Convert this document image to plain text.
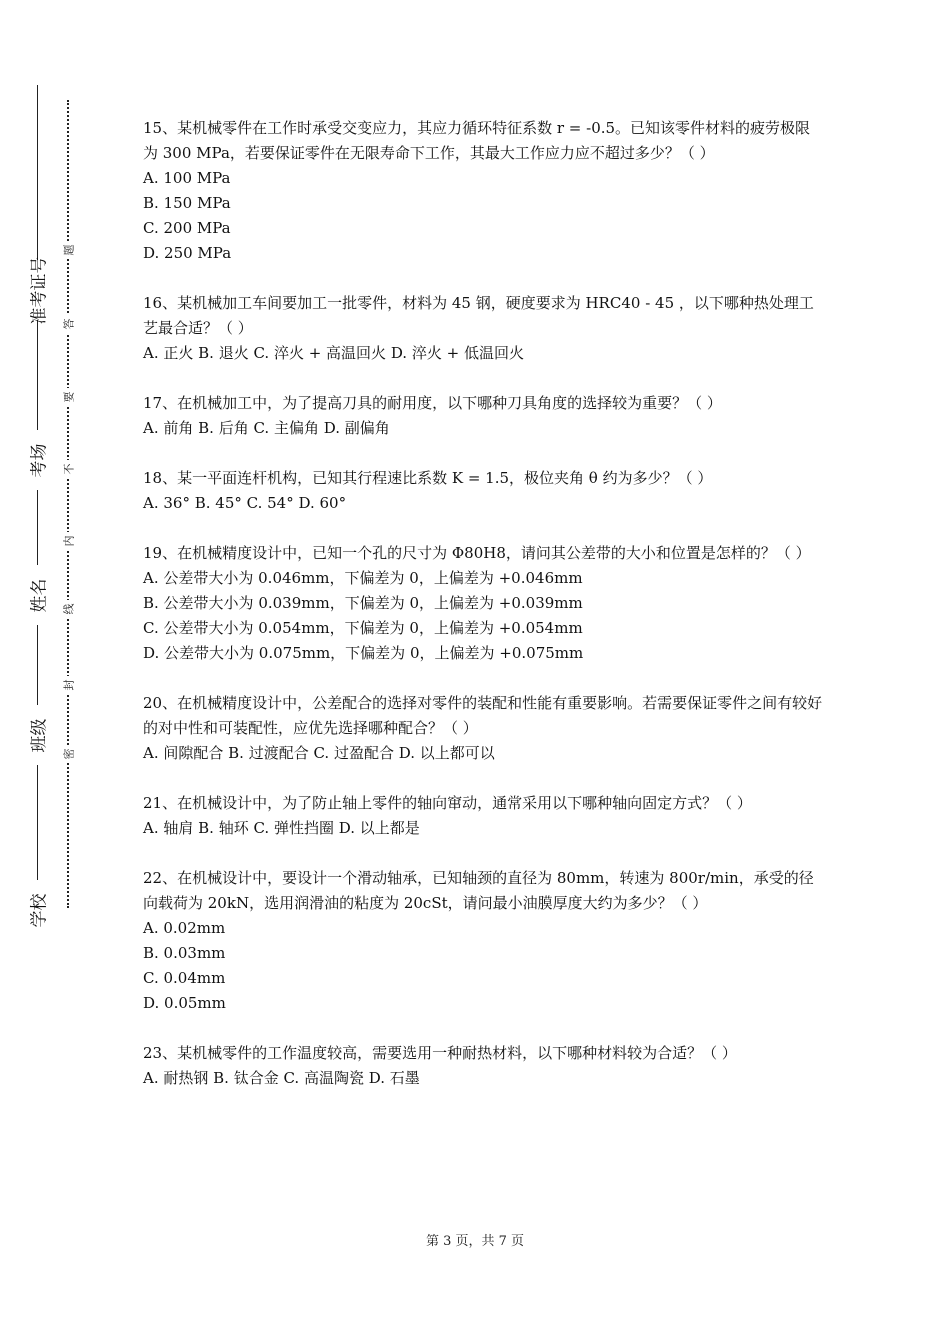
准考证号
考场
姓名
班级
学校
题
答
要
不
内
线
封
密

15、某机械零件在工作时承受交变应力，其应力循环特征系数 r = -0.5。已知该零件材料的疲劳极限为 300 MPa，若要保证零件在无限寿命下工作，其最大工作应力应不超过多少？（ ）

A. 100 MPa

B. 150 MPa

C. 200 MPa

D. 250 MPa

16、某机械加工车间要加工一批零件，材料为 45 钢，硬度要求为 HRC40 - 45 ，以下哪种热处理工艺最合适？（ ）

A. 正火 B. 退火 C. 淬火 + 高温回火 D. 淬火 + 低温回火

17、在机械加工中，为了提高刀具的耐用度，以下哪种刀具角度的选择较为重要？（ ）

A. 前角 B. 后角 C. 主偏角 D. 副偏角

18、某一平面连杆机构，已知其行程速比系数 K = 1.5，极位夹角 θ 约为多少？（ ）

A. 36° B. 45° C. 54° D. 60°

19、在机械精度设计中，已知一个孔的尺寸为 Φ80H8，请问其公差带的大小和位置是怎样的？（ ）

A. 公差带大小为 0.046mm，下偏差为 0，上偏差为 +0.046mm

B. 公差带大小为 0.039mm，下偏差为 0，上偏差为 +0.039mm

C. 公差带大小为 0.054mm，下偏差为 0，上偏差为 +0.054mm

D. 公差带大小为 0.075mm，下偏差为 0，上偏差为 +0.075mm

20、在机械精度设计中，公差配合的选择对零件的装配和性能有重要影响。若需要保证零件之间有较好的对中性和可装配性，应优先选择哪种配合？（ ）

A. 间隙配合 B. 过渡配合 C. 过盈配合 D. 以上都可以

21、在机械设计中，为了防止轴上零件的轴向窜动，通常采用以下哪种轴向固定方式？（ ）

A. 轴肩 B. 轴环 C. 弹性挡圈 D. 以上都是

22、在机械设计中，要设计一个滑动轴承，已知轴颈的直径为 80mm，转速为 800r/min，承受的径向载荷为 20kN，选用润滑油的粘度为 20cSt，请问最小油膜厚度大约为多少？（ ）

A. 0.02mm

B. 0.03mm

C. 0.04mm

D. 0.05mm

23、某机械零件的工作温度较高，需要选用一种耐热材料，以下哪种材料较为合适？（ ）

A. 耐热钢 B. 钛合金 C. 高温陶瓷 D. 石墨

第 3 页，共 7 页
